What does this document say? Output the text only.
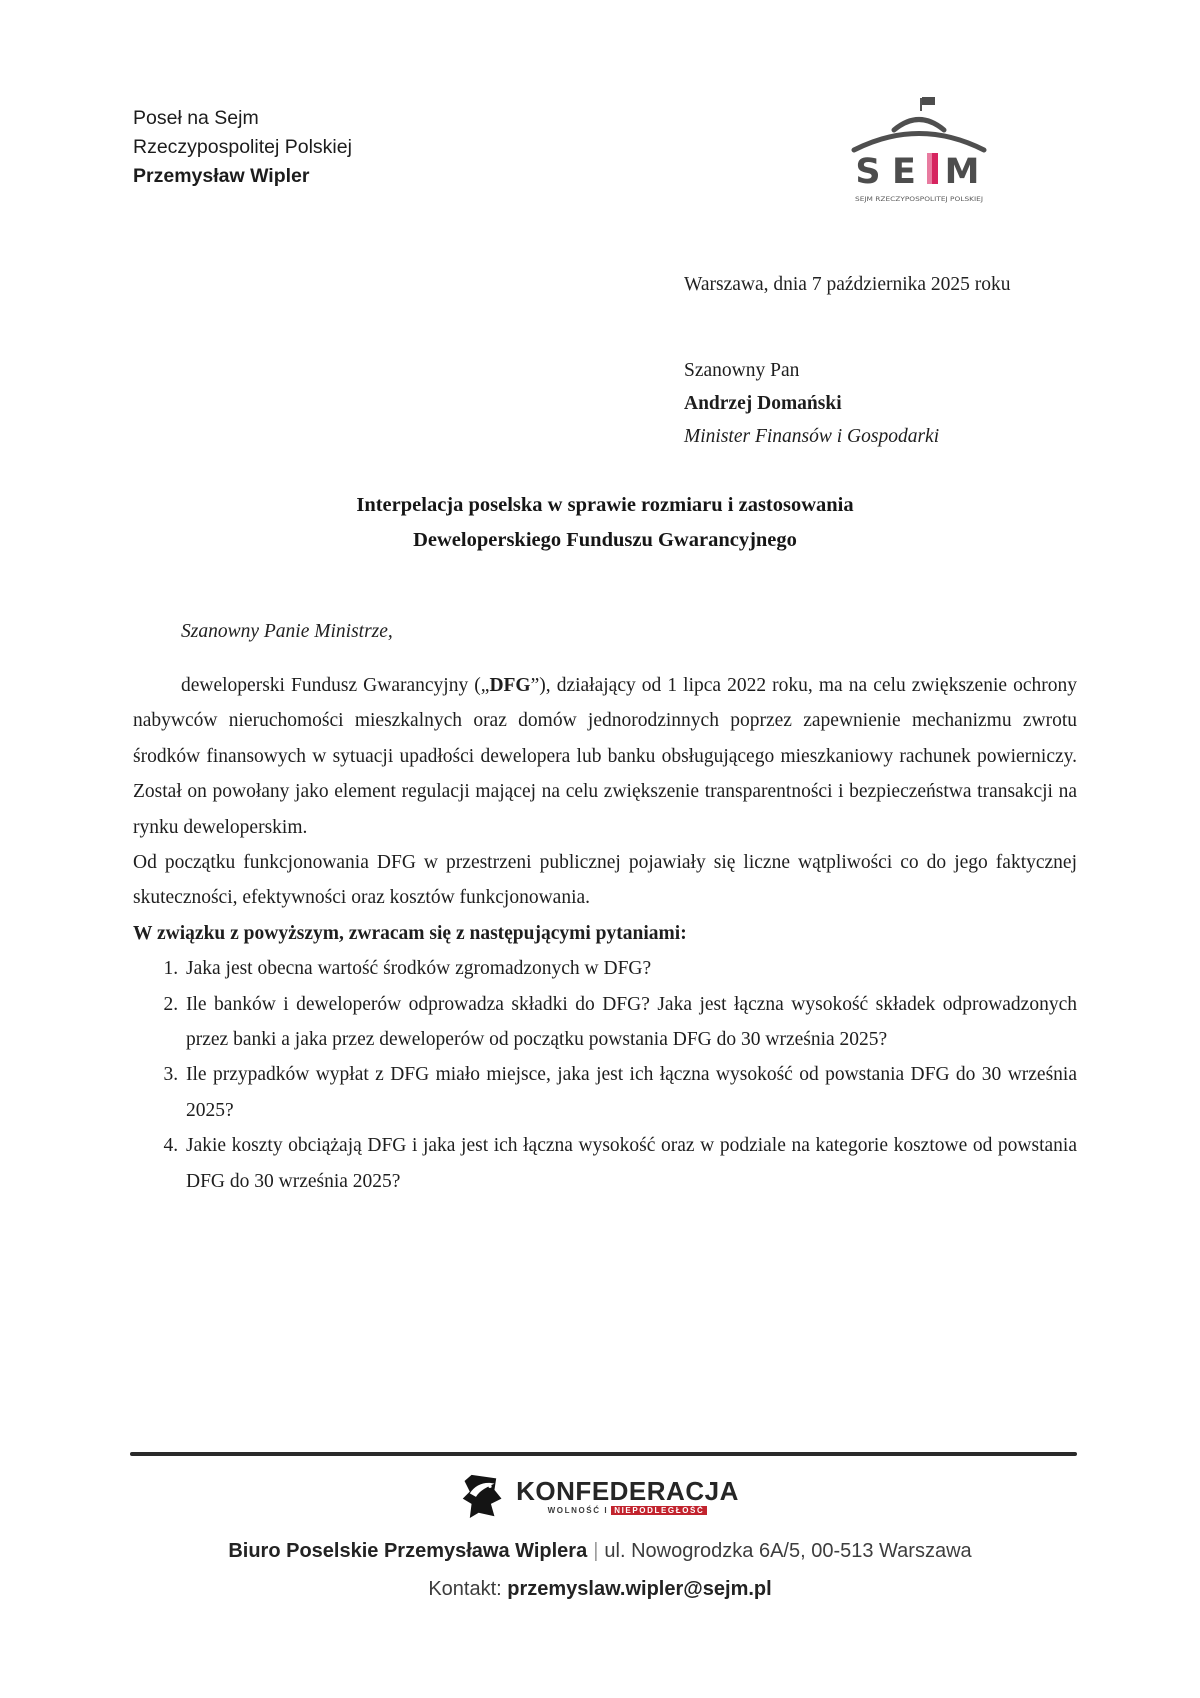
Poseł na Sejm
Rzeczypospolitej Polskiej
Przemysław Wipler	S E M
SEJM RZECZYPOSPOLITEJ POLSKIEJ
Warszawa, dnia 7 października 2025 roku
Szanowny Pan
Andrzej Domański
Minister Finansów i Gospodarki
Interpelacja poselska w sprawie rozmiaru i zastosowania
Deweloperskiego Funduszu Gwarancyjnego
Szanowny Panie Ministrze,

deweloperski Fundusz Gwarancyjny („DFG”), działający od 1 lipca 2022 roku, ma na celu zwiększenie ochrony nabywców nieruchomości mieszkalnych oraz domów jednorodzinnych poprzez zapewnienie mechanizmu zwrotu środków finansowych w sytuacji upadłości dewelopera lub banku obsługującego mieszkaniowy rachunek powierniczy. Został on powołany jako element regulacji mającej na celu zwiększenie transparentności i bezpieczeństwa transakcji na rynku deweloperskim.

Od początku funkcjonowania DFG w przestrzeni publicznej pojawiały się liczne wątpliwości co do jego faktycznej skuteczności, efektywności oraz kosztów funkcjonowania.

W związku z powyższym, zwracam się z następującymi pytaniami:

1. Jaka jest obecna wartość środków zgromadzonych w DFG?
2. Ile banków i deweloperów odprowadza składki do DFG? Jaka jest łączna wysokość składek odprowadzonych przez banki a jaka przez deweloperów od początku powstania DFG do 30 września 2025?
3. Ile przypadków wypłat z DFG miało miejsce, jaka jest ich łączna wysokość od powstania DFG do 30 września 2025?
4. Jakie koszty obciążają DFG i jaka jest ich łączna wysokość oraz w podziale na kategorie kosztowe od powstania DFG do 30 września 2025?
KONFEDERACJA
WOLNOŚĆ I NIEPODLEGŁOŚĆ
Biuro Poselskie Przemysława Wiplera | ul. Nowogrodzka 6A/5, 00-513 Warszawa
Kontakt: przemyslaw.wipler@sejm.pl
